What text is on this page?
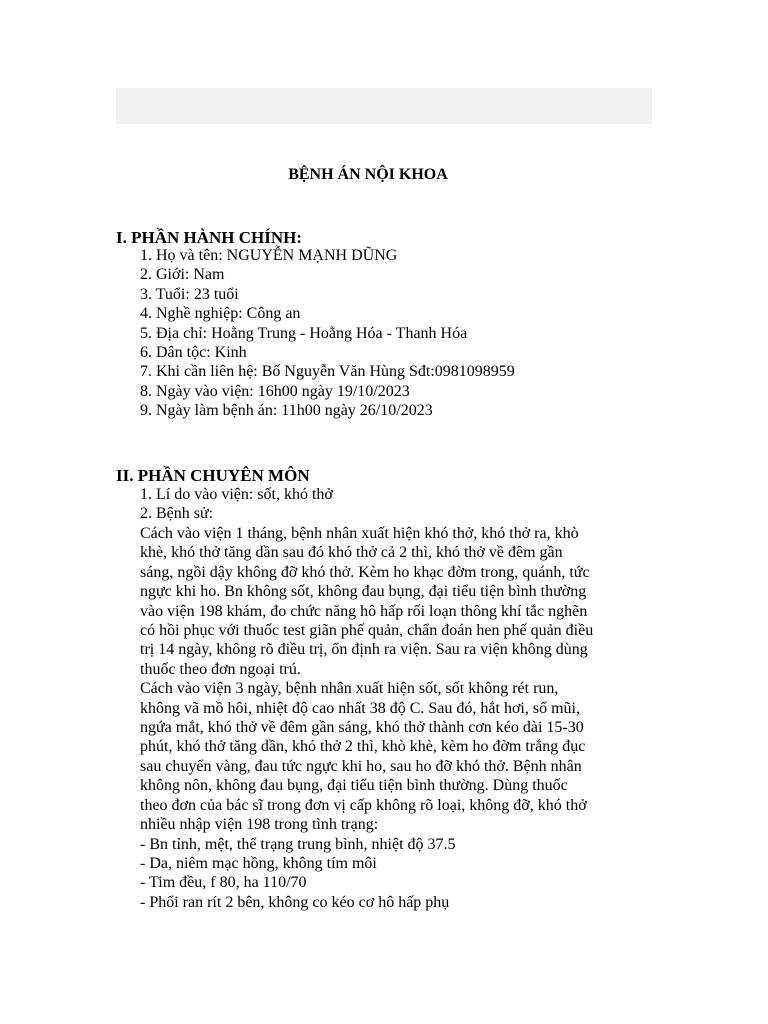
BỆNH ÁN NỘI KHOA
I. PHẦN HÀNH CHÍNH:
1. Họ và tên: NGUYỄN MẠNH DŨNG
2. Giới: Nam
3. Tuổi: 23 tuổi
4. Nghề nghiệp: Công an
5. Địa chỉ: Hoằng Trung - Hoằng Hóa - Thanh Hóa
6. Dân tộc: Kinh
7. Khi cần liên hệ: Bố Nguyễn Văn Hùng Sđt:0981098959
8. Ngày vào viện: 16h00 ngày 19/10/2023
9. Ngày làm bệnh án: 11h00 ngày 26/10/2023
II. PHẦN CHUYÊN MÔN
1. Lí do vào viện: sốt, khó thở
2. Bệnh sử:
Cách vào viện 1 tháng, bệnh nhân xuất hiện khó thở, khó thở ra, khò
khè, khó thở tăng dần sau đó khó thở cả 2 thì, khó thở về đêm gần
sáng, ngồi dậy không đỡ khó thở. Kèm ho khạc đờm trong, quánh, tức
ngực khi ho. Bn không sốt, không đau bụng, đại tiểu tiện bình thường
vào viện 198 khám, đo chức năng hô hấp rối loạn thông khí tắc nghẽn
có hồi phục với thuốc test giãn phế quản, chẩn đoán hen phế quản điều
trị 14 ngày, không rõ điều trị, ổn định ra viện. Sau ra viện không dùng
thuốc theo đơn ngoại trú.
Cách vào viện 3 ngày, bệnh nhân xuất hiện sốt, sốt không rét run,
không vã mồ hôi, nhiệt độ cao nhất 38 độ C. Sau đó, hắt hơi, sổ mũi,
ngứa mắt, khó thở về đêm gần sáng, khó thở thành cơn kéo dài 15-30
phút, khó thở tăng dần, khó thở 2 thì, khò khè, kèm ho đờm trắng đục
sau chuyển vàng, đau tức ngực khi ho, sau ho đỡ khó thở. Bệnh nhân
không nôn, không đau bụng, đại tiểu tiện bình thường. Dùng thuốc
theo đơn của bác sĩ trong đơn vị cấp không rõ loại, không đỡ, khó thở
nhiều nhập viện 198 trong tình trạng:
- Bn tỉnh, mệt, thể trạng trung bình, nhiệt độ 37.5
- Da, niêm mạc hồng, không tím môi
- Tim đều, f 80, ha 110/70
- Phổi ran rít 2 bên, không co kéo cơ hô hấp phụ
